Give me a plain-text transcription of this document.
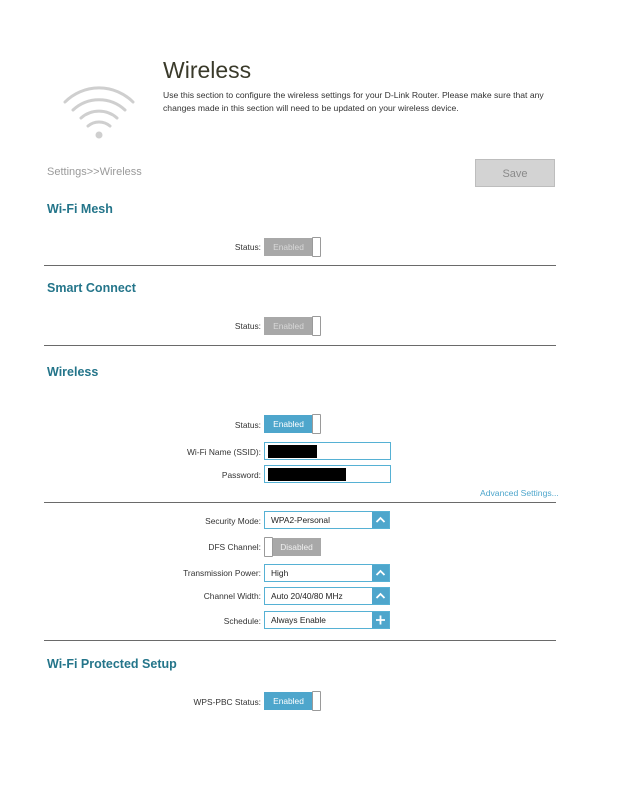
Wireless
Use this section to configure the wireless settings for your D-Link Router. Please make sure that any changes made in this section will need to be updated on your wireless device.
Settings>>Wireless	Save
Wi-Fi Mesh
Status:	Enabled
Smart Connect
Status:	Enabled
Wireless
Status:	Enabled
Wi-Fi Name (SSID):
Password:
Advanced Settings...
Security Mode: WPA2-Personal
DFS Channel:	Disabled
Transmission Power: High
Channel Width: Auto 20/40/80 MHz
Schedule: Always Enable
Wi-Fi Protected Setup
WPS-PBC Status:	Enabled
